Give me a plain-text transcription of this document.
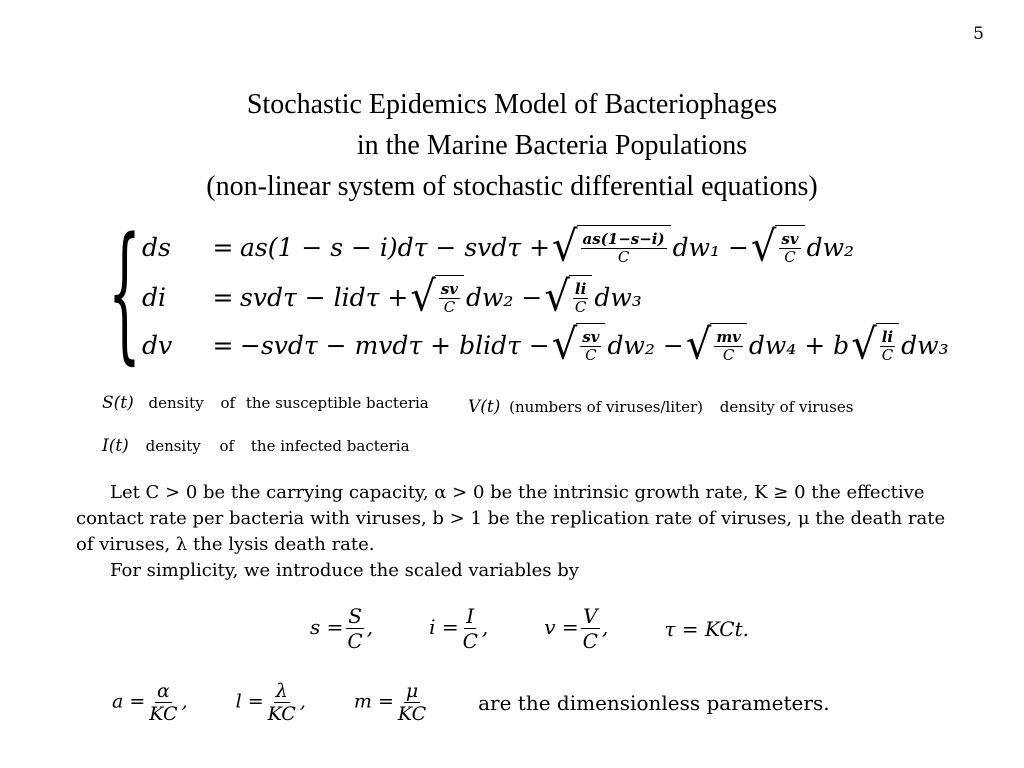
5
Stochastic Epidemics Model of Bacteriophages
in the Marine Bacteria Populations
(non-linear system of stochastic differential equations)
{ ds	= as(1 − s − i)dτ − svdτ + √ $\frac{as(1-s-i)}{C} dw_1$ − √ $\frac{sv}{C} dw_2$
di	= svdτ − lidτ + √ $\frac{sv}{C} dw_2$ − √ $\frac{li}{C} dw_3$
dv	= −svdτ − mvdτ + blidτ − √ $\frac{sv}{C} dw_2$ − √ $\frac{mv}{C} dw_4 + b$ √ $\frac{li}{C} dw_3$
S(t) density of the susceptible bacteria V(t) (numbers of viruses/liter) density of viruses
I(t) density of the infected bacteria
Let C > 0 be the carrying capacity, α > 0 be the intrinsic growth rate, K ≥ 0 the effective
contact rate per bacteria with viruses, b > 1 be the replication rate of viruses, μ the death rate
of viruses, λ the lysis death rate.
For simplicity, we introduce the scaled variables by
$s = \frac{S}{C}$ ,	$i = \frac{I}{C}$ ,	$v = \frac{V}{C}$ ,	τ = KCt.
$a = \frac{\alpha}{KC}$ ,	$l = \frac{\lambda}{KC}$ ,	$m = \frac{\mu}{KC}$	are the dimensionless parameters.
